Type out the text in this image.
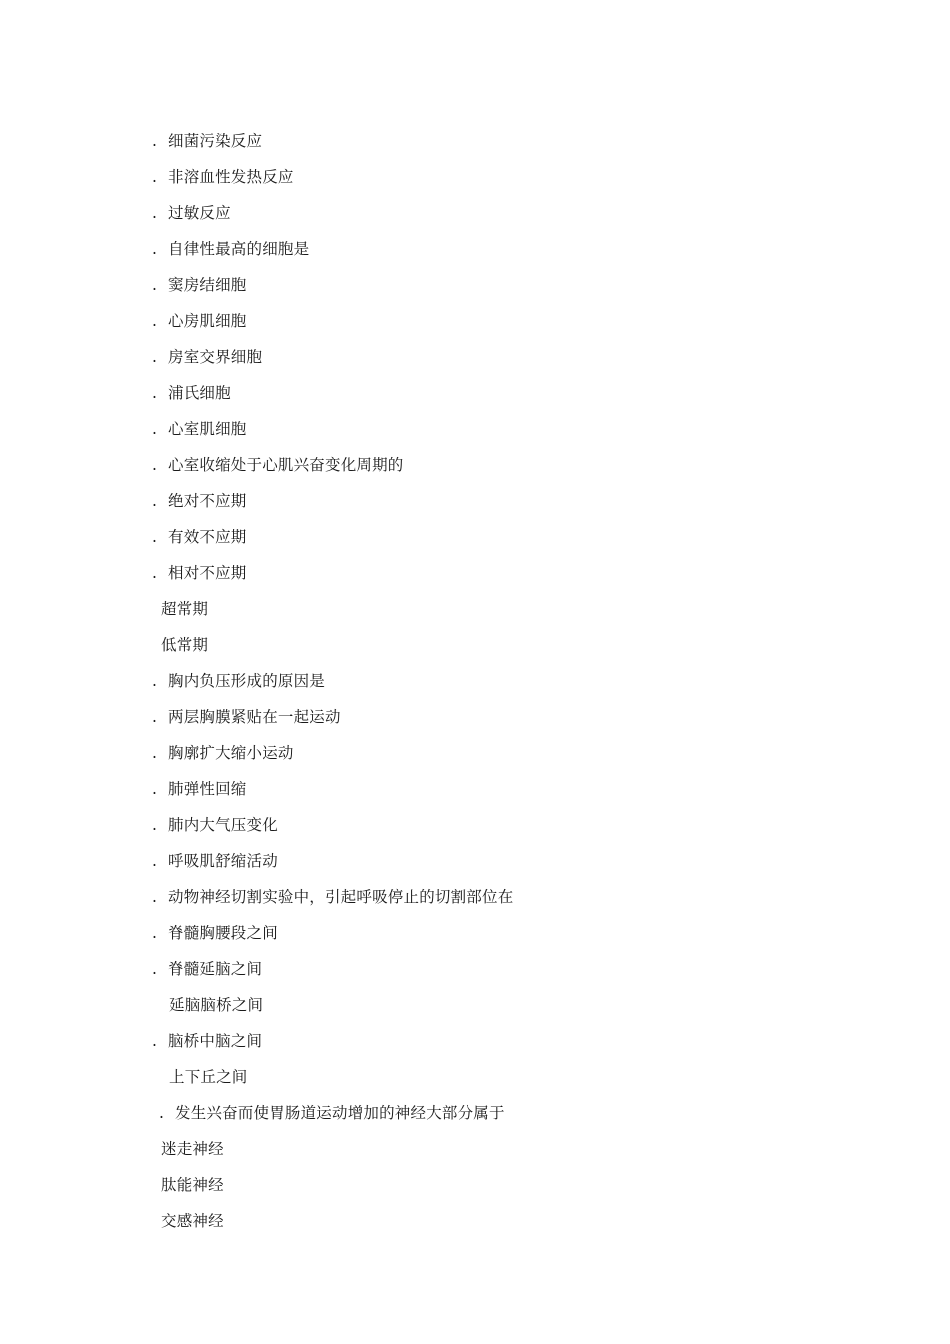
. 细菌污染反应
. 非溶血性发热反应
. 过敏反应
. 自律性最高的细胞是
. 窦房结细胞
. 心房肌细胞
. 房室交界细胞
. 浦氏细胞
. 心室肌细胞
. 心室收缩处于心肌兴奋变化周期的
. 绝对不应期
. 有效不应期
. 相对不应期
超常期
低常期
. 胸内负压形成的原因是
. 两层胸膜紧贴在一起运动
. 胸廓扩大缩小运动
. 肺弹性回缩
. 肺内大气压变化
. 呼吸肌舒缩活动
. 动物神经切割实验中，引起呼吸停止的切割部位在
. 脊髓胸腰段之间
. 脊髓延脑之间
延脑脑桥之间
. 脑桥中脑之间
上下丘之间
. 发生兴奋而使胃肠道运动增加的神经大部分属于
迷走神经
肽能神经
交感神经
